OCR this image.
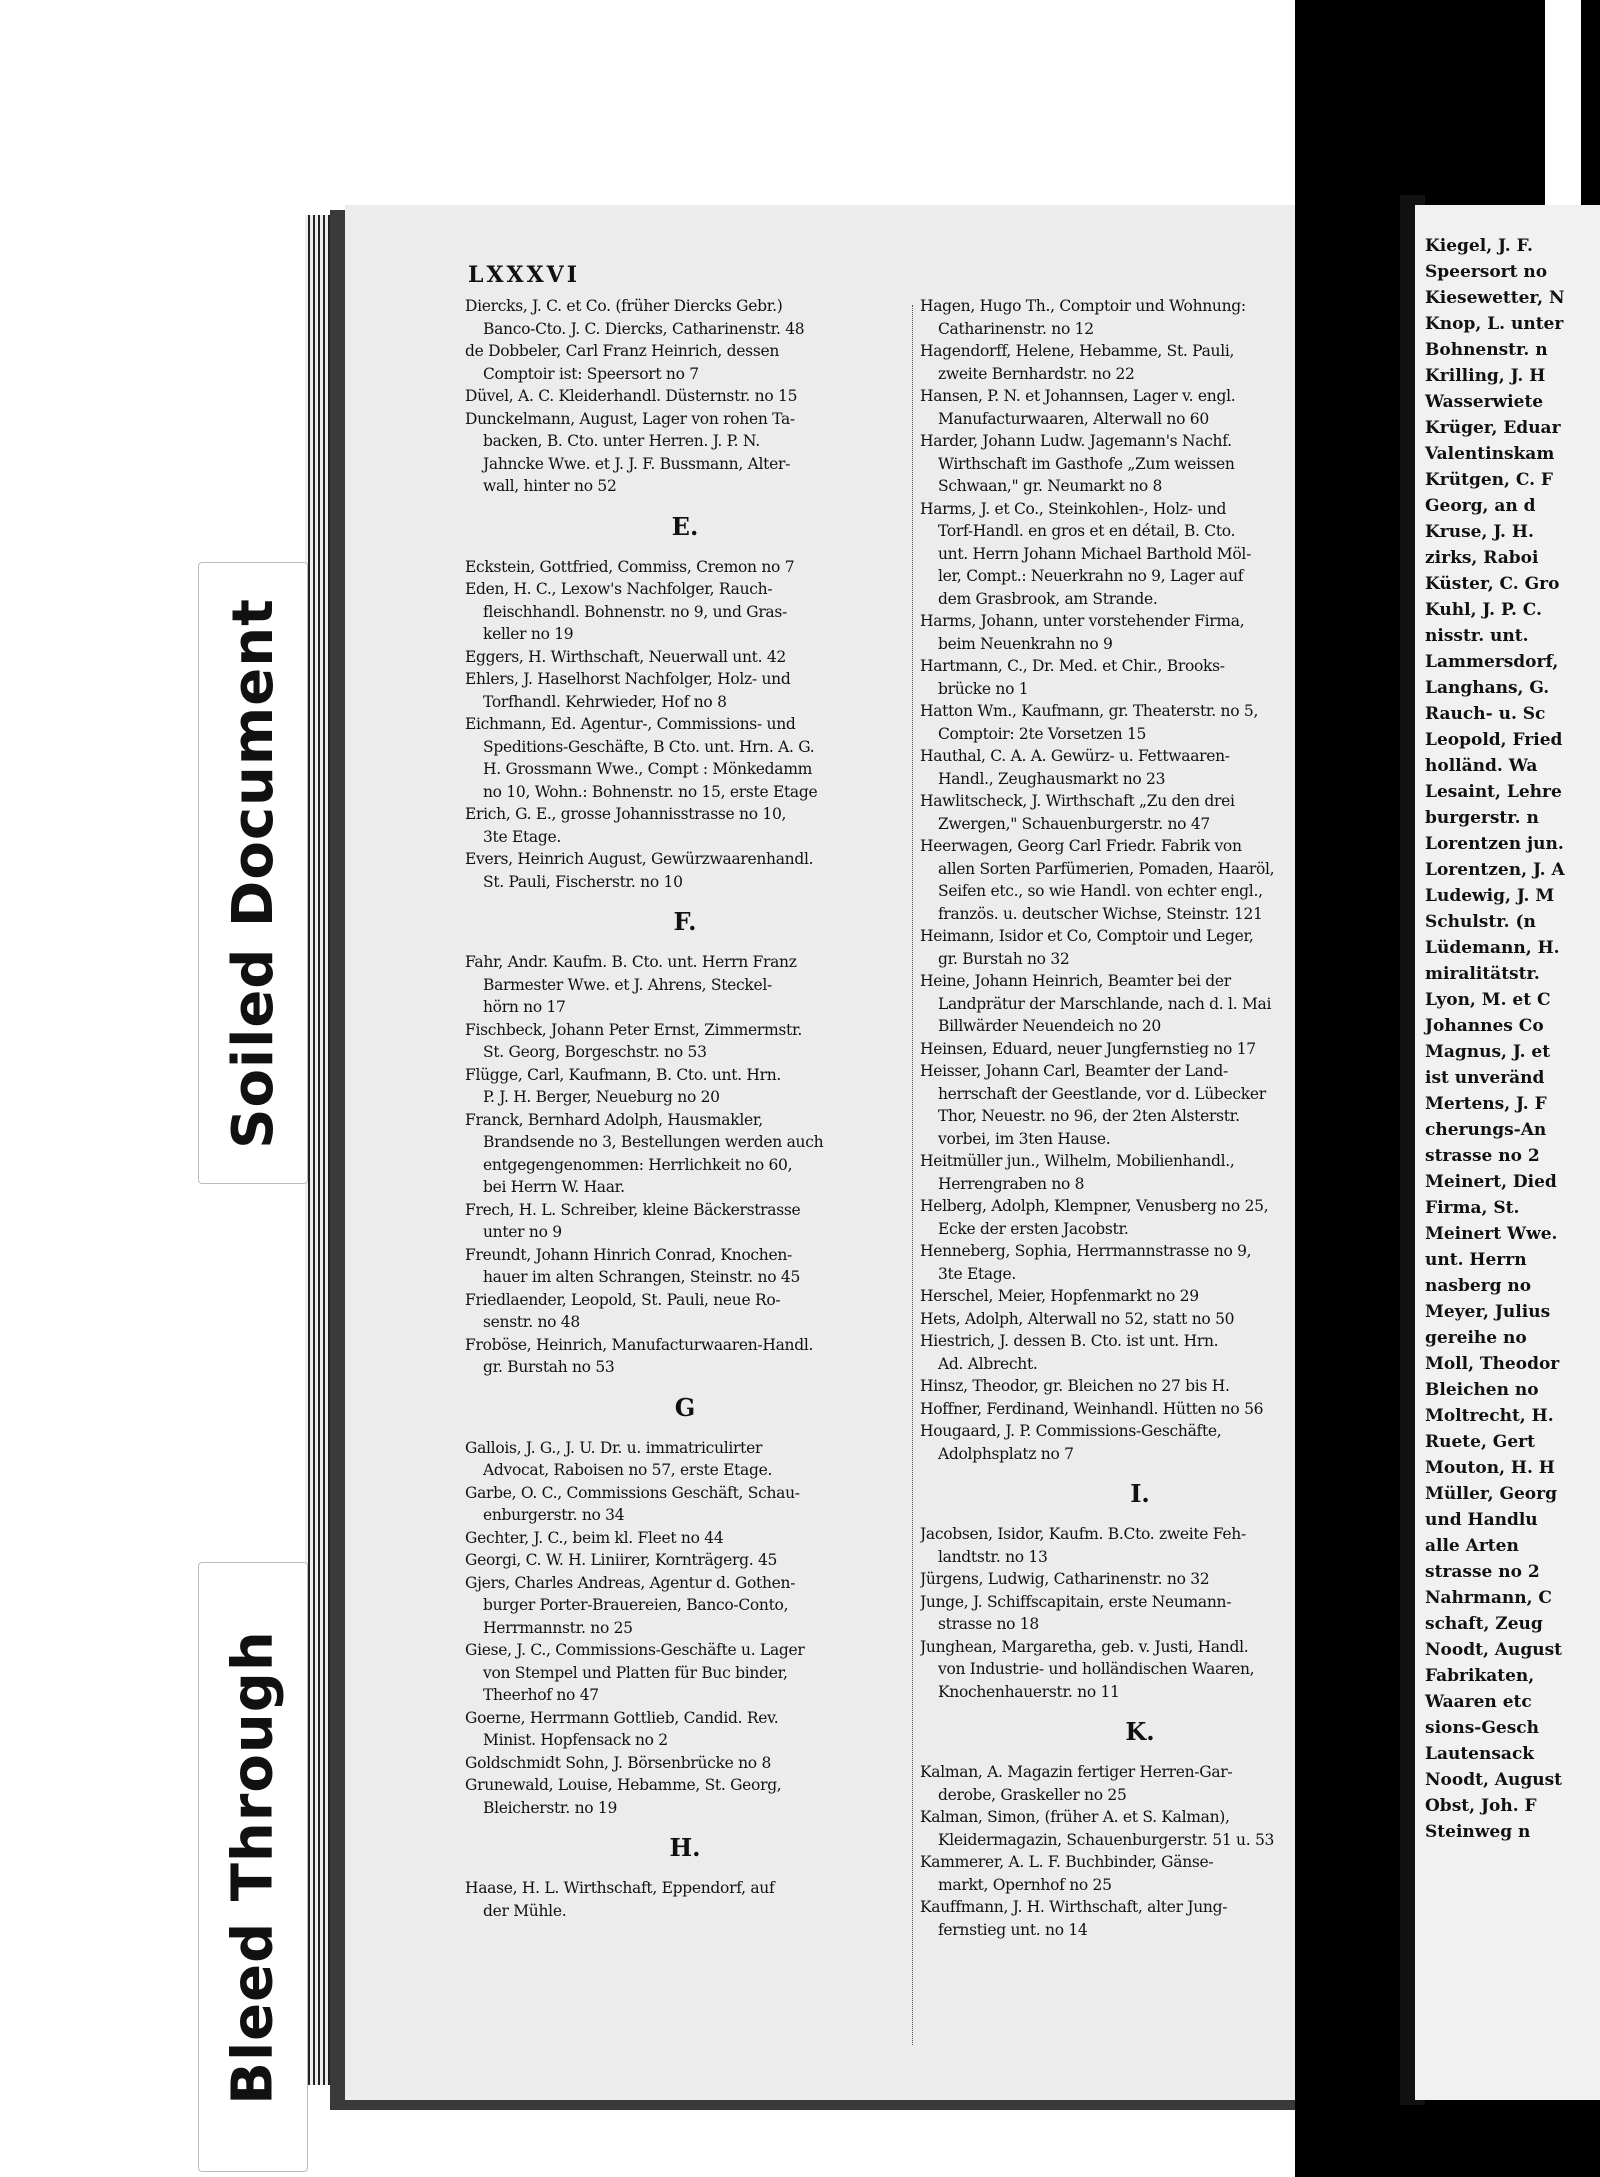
Kiegel, J. F.
Speersort no
Kiesewetter, N
Knop, L. unter
Bohnenstr. n
Krilling, J. H
Wasserwiete
Krüger, Eduar
Valentinskam
Krütgen, C. F
Georg, an d
Kruse, J. H.
zirks, Raboi
Küster, C. Gro
Kuhl, J. P. C.
nisstr. unt.
Lammersdorf,
Langhans, G.
Rauch- u. Sc
Leopold, Fried
holländ. Wa
Lesaint, Lehre
burgerstr. n
Lorentzen jun.
Lorentzen, J. A
Ludewig, J. M
Schulstr. (n
Lüdemann, H.
miralitätstr.
Lyon, M. et C
Johannes Co
Magnus, J. et
ist unveränd
Mertens, J. F
cherungs-An
strasse no 2
Meinert, Died
Firma, St.
Meinert Wwe.
unt. Herrn
nasberg no
Meyer, Julius
gereihe no
Moll, Theodor
Bleichen no
Moltrecht, H.
Ruete, Gert
Mouton, H. H
Müller, Georg
und Handlu
alle Arten
strasse no 2
Nahrmann, C
schaft, Zeug
Noodt, August
Fabrikaten,
Waaren etc
sions-Gesch
Lautensack
Noodt, August
Obst, Joh. F
Steinweg n
Soiled Document
Bleed Through
LXXXVI
Diercks, J. C. et Co. (früher Diercks Gebr.)
Banco-Cto. J. C. Diercks, Catharinenstr. 48
de Dobbeler, Carl Franz Heinrich, dessen
Comptoir ist: Speersort no 7
Düvel, A. C. Kleiderhandl. Düsternstr. no 15
Dunckelmann, August, Lager von rohen Ta-
backen, B. Cto. unter Herren. J. P. N.
Jahncke Wwe. et J. J. F. Bussmann, Alter-
wall, hinter no 52
E.
Eckstein, Gottfried, Commiss, Cremon no 7
Eden, H. C., Lexow's Nachfolger, Rauch-
fleischhandl. Bohnenstr. no 9, und Gras-
keller no 19
Eggers, H. Wirthschaft, Neuerwall unt. 42
Ehlers, J. Haselhorst Nachfolger, Holz- und
Torfhandl. Kehrwieder, Hof no 8
Eichmann, Ed. Agentur-, Commissions- und
Speditions-Geschäfte, B Cto. unt. Hrn. A. G.
H. Grossmann Wwe., Compt : Mönkedamm
no 10, Wohn.: Bohnenstr. no 15, erste Etage
Erich, G. E., grosse Johannisstrasse no 10,
3te Etage.
Evers, Heinrich August, Gewürzwaarenhandl.
St. Pauli, Fischerstr. no 10
F.
Fahr, Andr. Kaufm. B. Cto. unt. Herrn Franz
Barmester Wwe. et J. Ahrens, Steckel-
hörn no 17
Fischbeck, Johann Peter Ernst, Zimmermstr.
St. Georg, Borgeschstr. no 53
Flügge, Carl, Kaufmann, B. Cto. unt. Hrn.
P. J. H. Berger, Neueburg no 20
Franck, Bernhard Adolph, Hausmakler,
Brandsende no 3, Bestellungen werden auch
entgegengenommen: Herrlichkeit no 60,
bei Herrn W. Haar.
Frech, H. L. Schreiber, kleine Bäckerstrasse
unter no 9
Freundt, Johann Hinrich Conrad, Knochen-
hauer im alten Schrangen, Steinstr. no 45
Friedlaender, Leopold, St. Pauli, neue Ro-
senstr. no 48
Froböse, Heinrich, Manufacturwaaren-Handl.
gr. Burstah no 53
G
Gallois, J. G., J. U. Dr. u. immatriculirter
Advocat, Raboisen no 57, erste Etage.
Garbe, O. C., Commissions Geschäft, Schau-
enburgerstr. no 34
Gechter, J. C., beim kl. Fleet no 44
Georgi, C. W. H. Liniirer, Kornträgerg. 45
Gjers, Charles Andreas, Agentur d. Gothen-
burger Porter-Brauereien, Banco-Conto,
Herrmannstr. no 25
Giese, J. C., Commissions-Geschäfte u. Lager
von Stempel und Platten für Buc binder,
Theerhof no 47
Goerne, Herrmann Gottlieb, Candid. Rev.
Minist. Hopfensack no 2
Goldschmidt Sohn, J. Börsenbrücke no 8
Grunewald, Louise, Hebamme, St. Georg,
Bleicherstr. no 19
H.
Haase, H. L. Wirthschaft, Eppendorf, auf
der Mühle.
Hagen, Hugo Th., Comptoir und Wohnung:
Catharinenstr. no 12
Hagendorff, Helene, Hebamme, St. Pauli,
zweite Bernhardstr. no 22
Hansen, P. N. et Johannsen, Lager v. engl.
Manufacturwaaren, Alterwall no 60
Harder, Johann Ludw. Jagemann's Nachf.
Wirthschaft im Gasthofe „Zum weissen
Schwaan," gr. Neumarkt no 8
Harms, J. et Co., Steinkohlen-, Holz- und
Torf-Handl. en gros et en détail, B. Cto.
unt. Herrn Johann Michael Barthold Möl-
ler, Compt.: Neuerkrahn no 9, Lager auf
dem Grasbrook, am Strande.
Harms, Johann, unter vorstehender Firma,
beim Neuenkrahn no 9
Hartmann, C., Dr. Med. et Chir., Brooks-
brücke no 1
Hatton Wm., Kaufmann, gr. Theaterstr. no 5,
Comptoir: 2te Vorsetzen 15
Hauthal, C. A. A. Gewürz- u. Fettwaaren-
Handl., Zeughausmarkt no 23
Hawlitscheck, J. Wirthschaft „Zu den drei
Zwergen," Schauenburgerstr. no 47
Heerwagen, Georg Carl Friedr. Fabrik von
allen Sorten Parfümerien, Pomaden, Haaröl,
Seifen etc., so wie Handl. von echter engl.,
französ. u. deutscher Wichse, Steinstr. 121
Heimann, Isidor et Co, Comptoir und Leger,
gr. Burstah no 32
Heine, Johann Heinrich, Beamter bei der
Landprätur der Marschlande, nach d. l. Mai
Billwärder Neuendeich no 20
Heinsen, Eduard, neuer Jungfernstieg no 17
Heisser, Johann Carl, Beamter der Land-
herrschaft der Geestlande, vor d. Lübecker
Thor, Neuestr. no 96, der 2ten Alsterstr.
vorbei, im 3ten Hause.
Heitmüller jun., Wilhelm, Mobilienhandl.,
Herrengraben no 8
Helberg, Adolph, Klempner, Venusberg no 25,
Ecke der ersten Jacobstr.
Henneberg, Sophia, Herrmannstrasse no 9,
3te Etage.
Herschel, Meier, Hopfenmarkt no 29
Hets, Adolph, Alterwall no 52, statt no 50
Hiestrich, J. dessen B. Cto. ist unt. Hrn.
Ad. Albrecht.
Hinsz, Theodor, gr. Bleichen no 27 bis H.
Hoffner, Ferdinand, Weinhandl. Hütten no 56
Hougaard, J. P. Commissions-Geschäfte,
Adolphsplatz no 7
I.
Jacobsen, Isidor, Kaufm. B.Cto. zweite Feh-
landtstr. no 13
Jürgens, Ludwig, Catharinenstr. no 32
Junge, J. Schiffscapitain, erste Neumann-
strasse no 18
Junghean, Margaretha, geb. v. Justi, Handl.
von Industrie- und holländischen Waaren,
Knochenhauerstr. no 11
K.
Kalman, A. Magazin fertiger Herren-Gar-
derobe, Graskeller no 25
Kalman, Simon, (früher A. et S. Kalman),
Kleidermagazin, Schauenburgerstr. 51 u. 53
Kammerer, A. L. F. Buchbinder, Gänse-
markt, Opernhof no 25
Kauffmann, J. H. Wirthschaft, alter Jung-
fernstieg unt. no 14
